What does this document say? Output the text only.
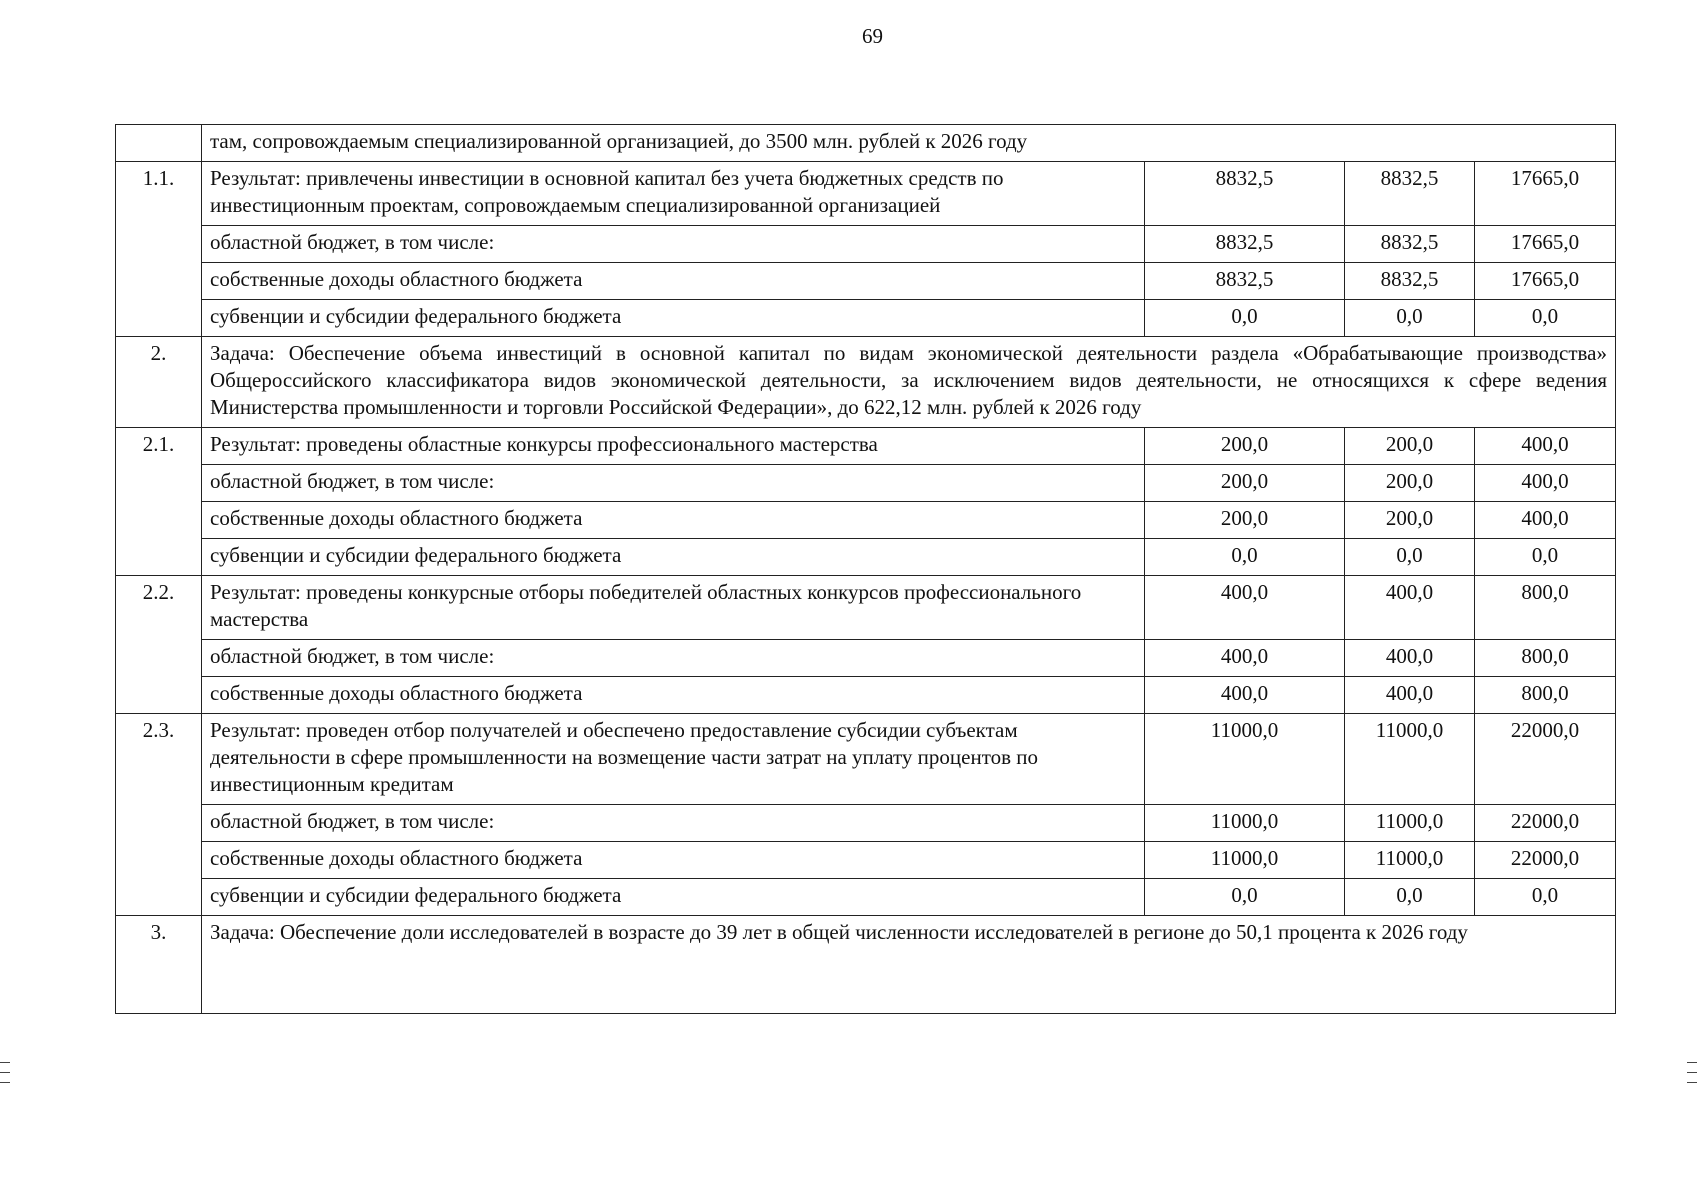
69
	там, сопровождаемым специализированной организацией, до 3500 млн. рублей к 2026 году			
1.1.	Результат: привлечены инвестиции в основной капитал без учета бюджетных средств по инвестиционным проектам, сопровождаемым специализированной организацией	8832,5	8832,5	17665,0
	областной бюджет, в том числе:	8832,5	8832,5	17665,0
	собственные доходы областного бюджета	8832,5	8832,5	17665,0
	субвенции и субсидии федерального бюджета	0,0	0,0	0,0
2.	Задача: Обеспечение объема инвестиций в основной капитал по видам экономической деятельности раздела «Обрабатывающие производства» Общероссийского классификатора видов экономической деятельности, за исключением видов деятельности, не относящихся к сфере ведения Министерства промышленности и торговли Российской Федерации», до 622,12 млн. рублей к 2026 году			
2.1.	Результат: проведены областные конкурсы профессионального мастерства	200,0	200,0	400,0
	областной бюджет, в том числе:	200,0	200,0	400,0
	собственные доходы областного бюджета	200,0	200,0	400,0
	субвенции и субсидии федерального бюджета	0,0	0,0	0,0
2.2.	Результат: проведены конкурсные отборы победителей областных конкурсов профессионального мастерства	400,0	400,0	800,0
	областной бюджет, в том числе:	400,0	400,0	800,0
	собственные доходы областного бюджета	400,0	400,0	800,0
2.3.	Результат: проведен отбор получателей и обеспечено предоставление субсидии субъектам деятельности в сфере промышленности на возмещение части затрат на уплату процентов по инвестиционным кредитам	11000,0	11000,0	22000,0
	областной бюджет, в том числе:	11000,0	11000,0	22000,0
	собственные доходы областного бюджета	11000,0	11000,0	22000,0
	субвенции и субсидии федерального бюджета	0,0	0,0	0,0
3.	Задача: Обеспечение доли исследователей в возрасте до 39 лет в общей численности исследователей в регионе до 50,1 процента к 2026 году			
